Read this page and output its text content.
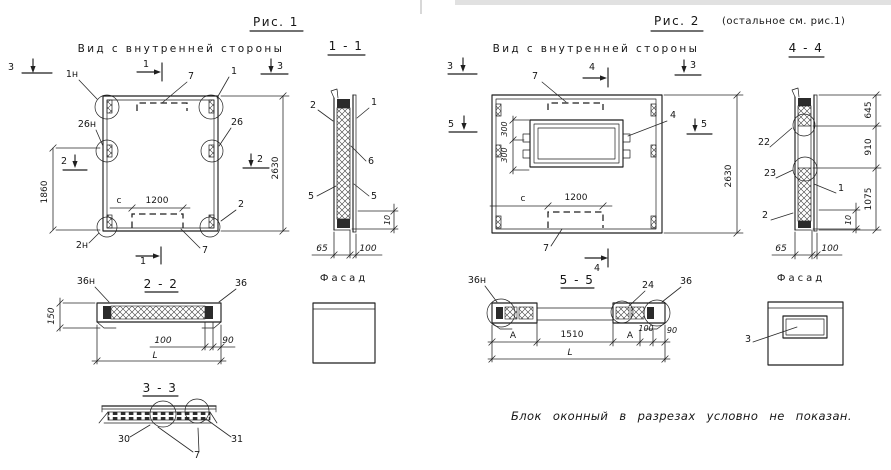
Рис. 1
Вид с внутренней стороны
3	3
1
1
2	2
1н	7	1
26н	26
2н
2
7
1860
2630
с	1200
2 - 2
36н	36
150
100	90
L
3 - 3
30	31
7
1 - 1
2	1
6
5	5
10
65	100
Фасад
Рис. 2 (остальное см. рис.1)
Вид с внутренней стороны
3	4	3
5	5
4
7
4
7
300
300
с	1200
2630
5 - 5
36н	24	36
А	1510	А
100 90
L
4 - 4
22
23
1
2
645
910
1075
10
65	100
Фасад
3
Блок оконный в разрезах условно не показан.
